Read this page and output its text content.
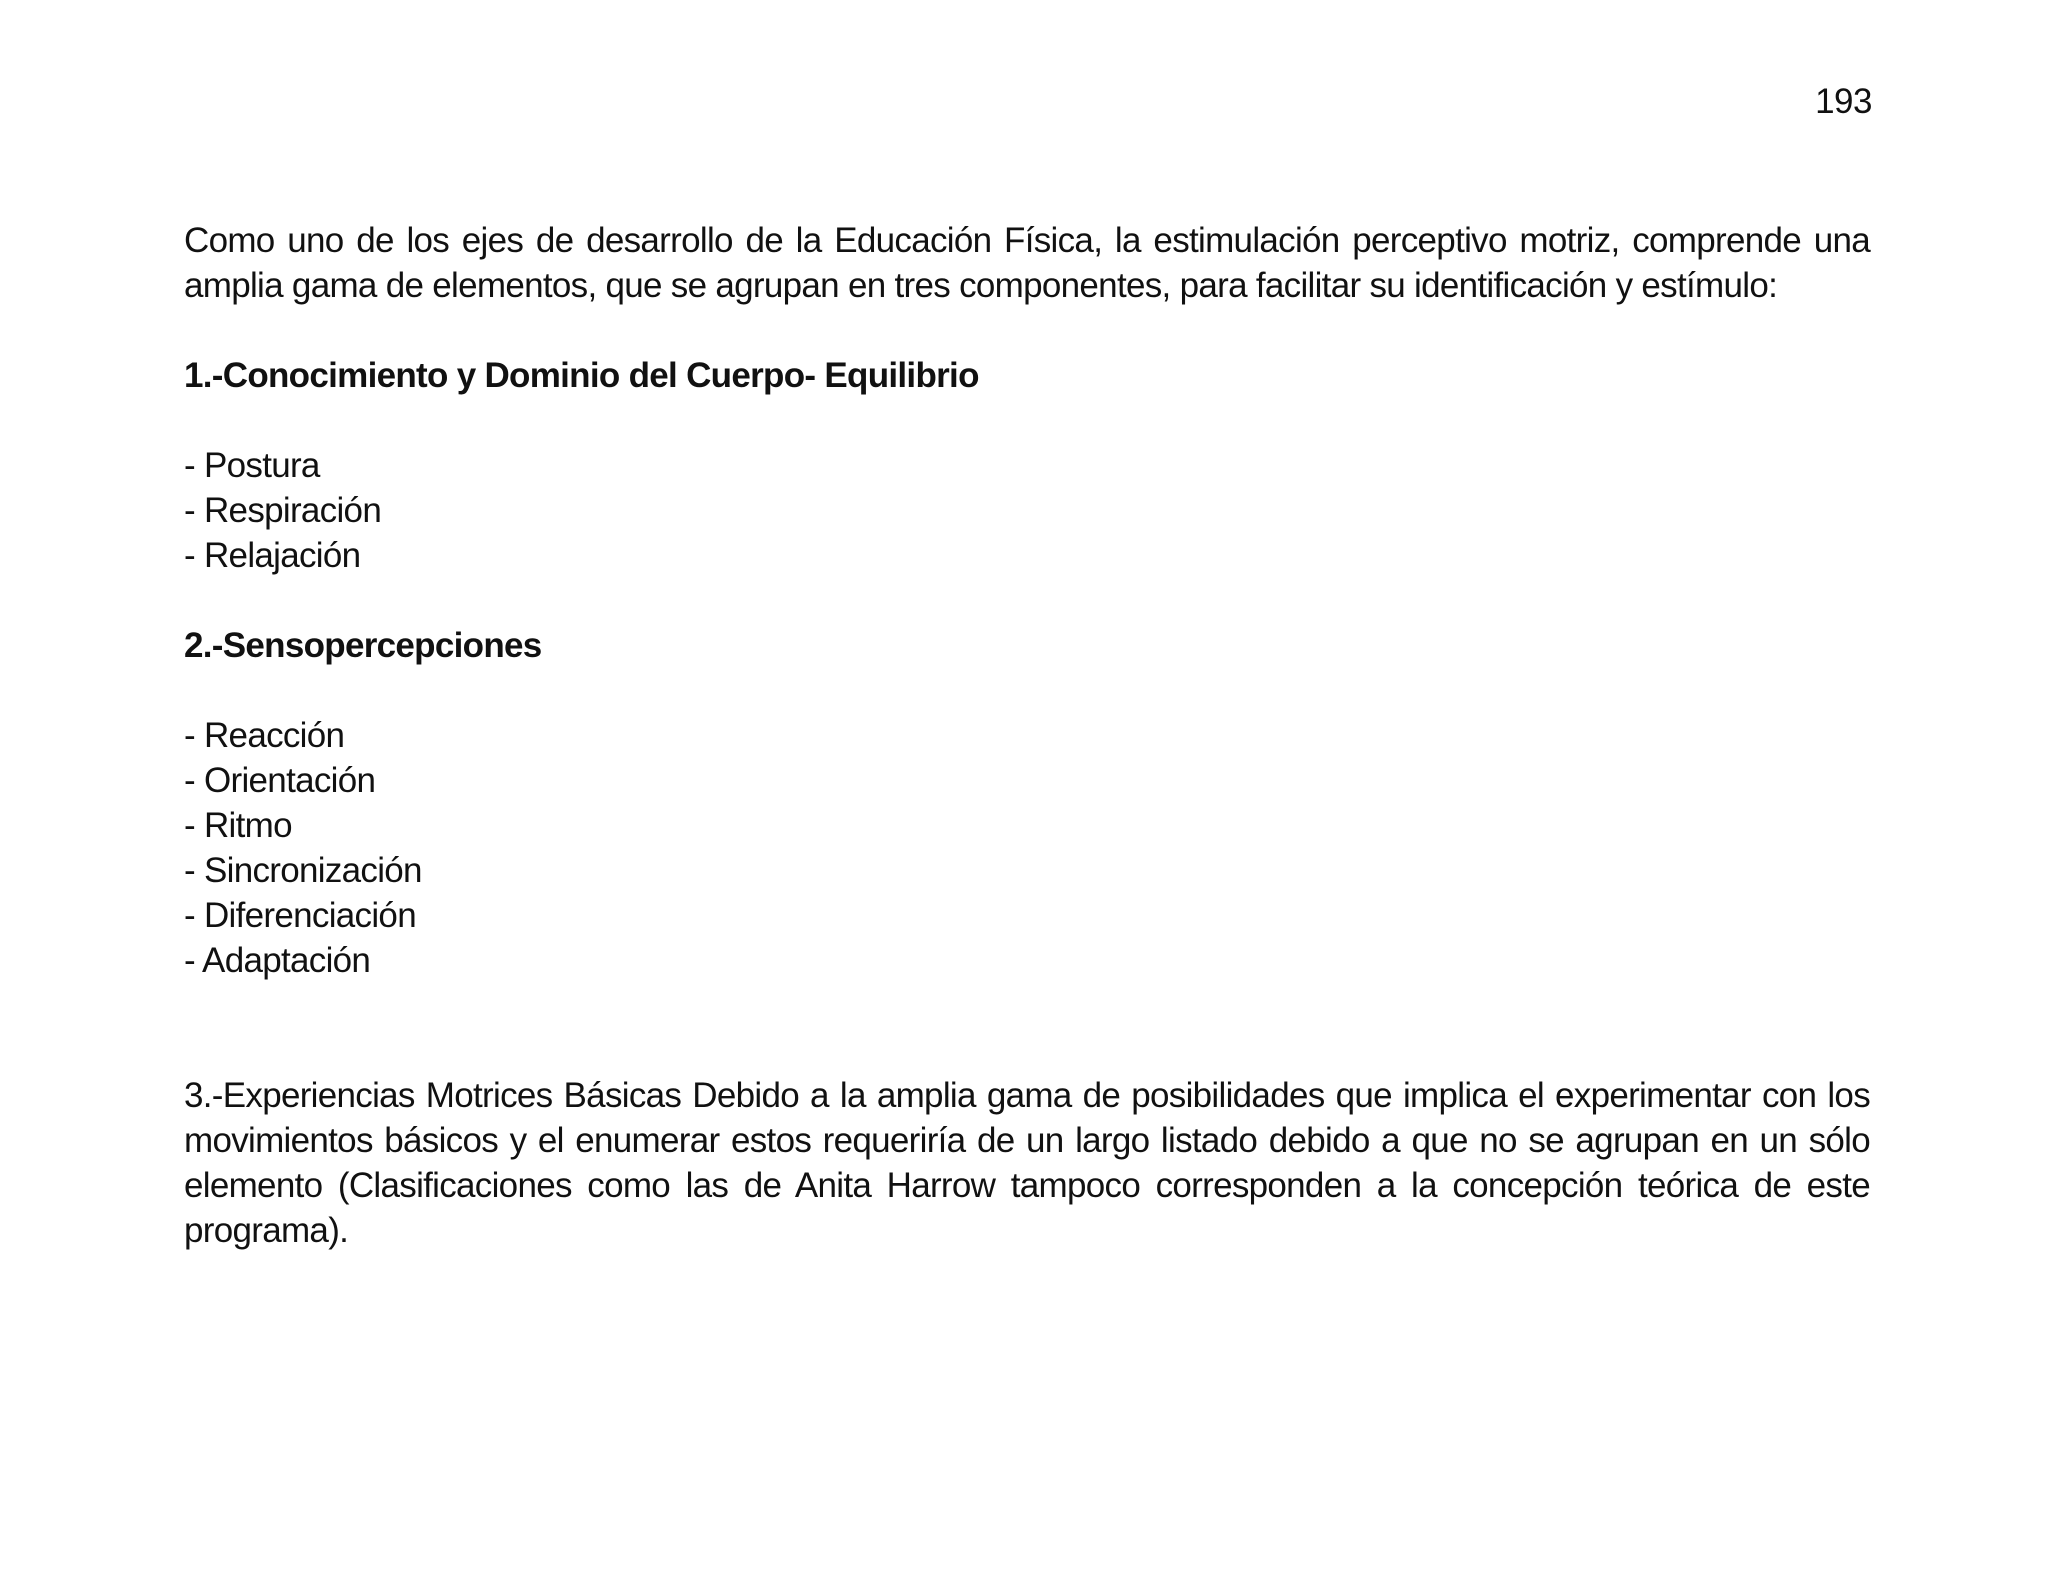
193

Como uno de los ejes de desarrollo de la Educación Física, la estimulación perceptivo motriz, comprende una amplia gama de elementos, que se agrupan en tres componentes, para facilitar su identificación y estímulo:

1.-Conocimiento y Dominio del Cuerpo- Equilibrio

- Postura
- Respiración
- Relajación

2.-Sensopercepciones

- Reacción
- Orientación
- Ritmo
- Sincronización
- Diferenciación
- Adaptación

3.-Experiencias Motrices Básicas Debido a la amplia gama de posibilidades que implica el experimentar con los movimientos básicos y el enumerar estos requeriría de un largo listado debido a que no se agrupan en un sólo elemento (Clasificaciones como las de Anita Harrow tampoco corresponden a la concepción teórica de este programa).
